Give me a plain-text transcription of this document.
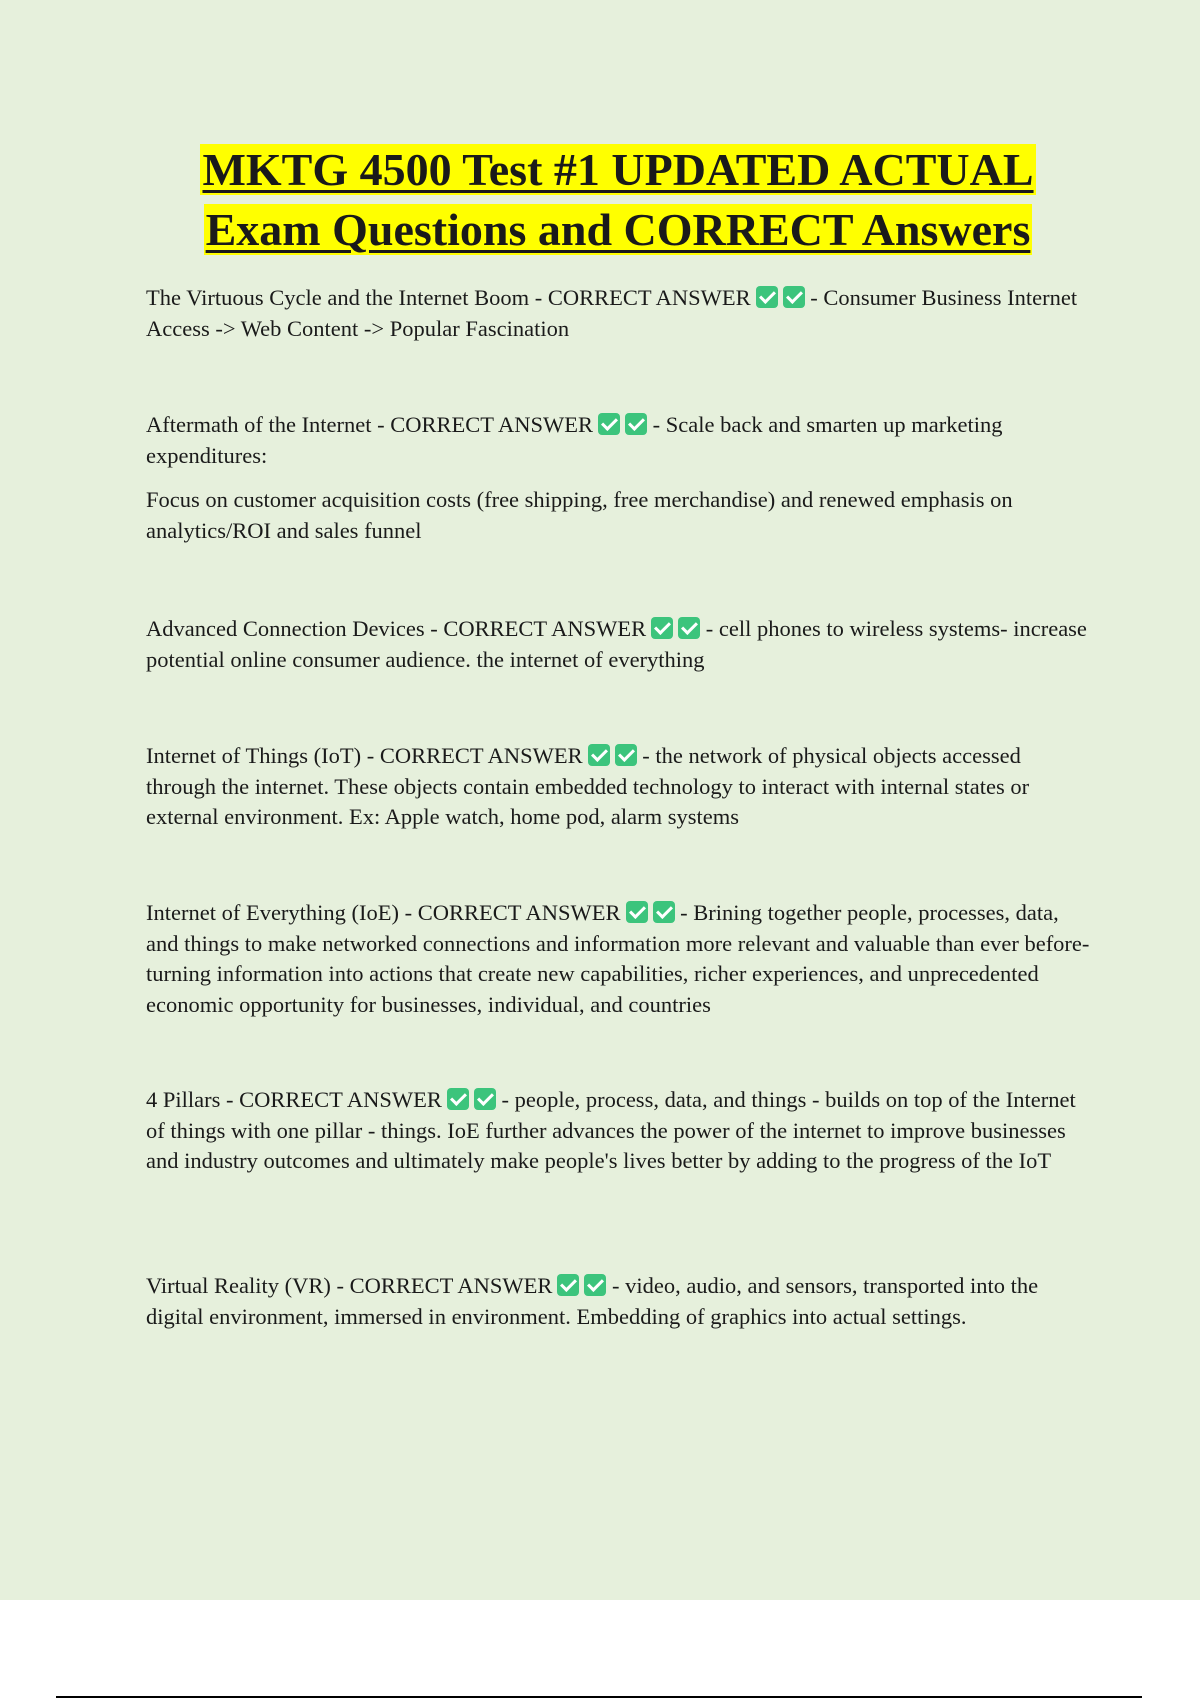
MKTG 4500 Test #1 UPDATED ACTUAL
Exam Questions and CORRECT Answers

The Virtuous Cycle and the Internet Boom - CORRECT ANSWER	- Consumer Business Internet Access -> Web Content -> Popular Fascination

Aftermath of the Internet - CORRECT ANSWER	- Scale back and smarten up marketing expenditures:

Focus on customer acquisition costs (free shipping, free merchandise) and renewed emphasis on analytics/ROI and sales funnel

Advanced Connection Devices - CORRECT ANSWER	- cell phones to wireless systems- increase potential online consumer audience. the internet of everything

Internet of Things (IoT) - CORRECT ANSWER	- the network of physical objects accessed through the internet. These objects contain embedded technology to interact with internal states or external environment. Ex: Apple watch, home pod, alarm systems

Internet of Everything (IoE) - CORRECT ANSWER	- Brining together people, processes, data, and things to make networked connections and information more relevant and valuable than ever before-turning information into actions that create new capabilities, richer experiences, and unprecedented economic opportunity for businesses, individual, and countries

4 Pillars - CORRECT ANSWER	- people, process, data, and things - builds on top of the Internet of things with one pillar - things. IoE further advances the power of the internet to improve businesses and industry outcomes and ultimately make people's lives better by adding to the progress of the IoT

Virtual Reality (VR) - CORRECT ANSWER	- video, audio, and sensors, transported into the digital environment, immersed in environment. Embedding of graphics into actual settings.
